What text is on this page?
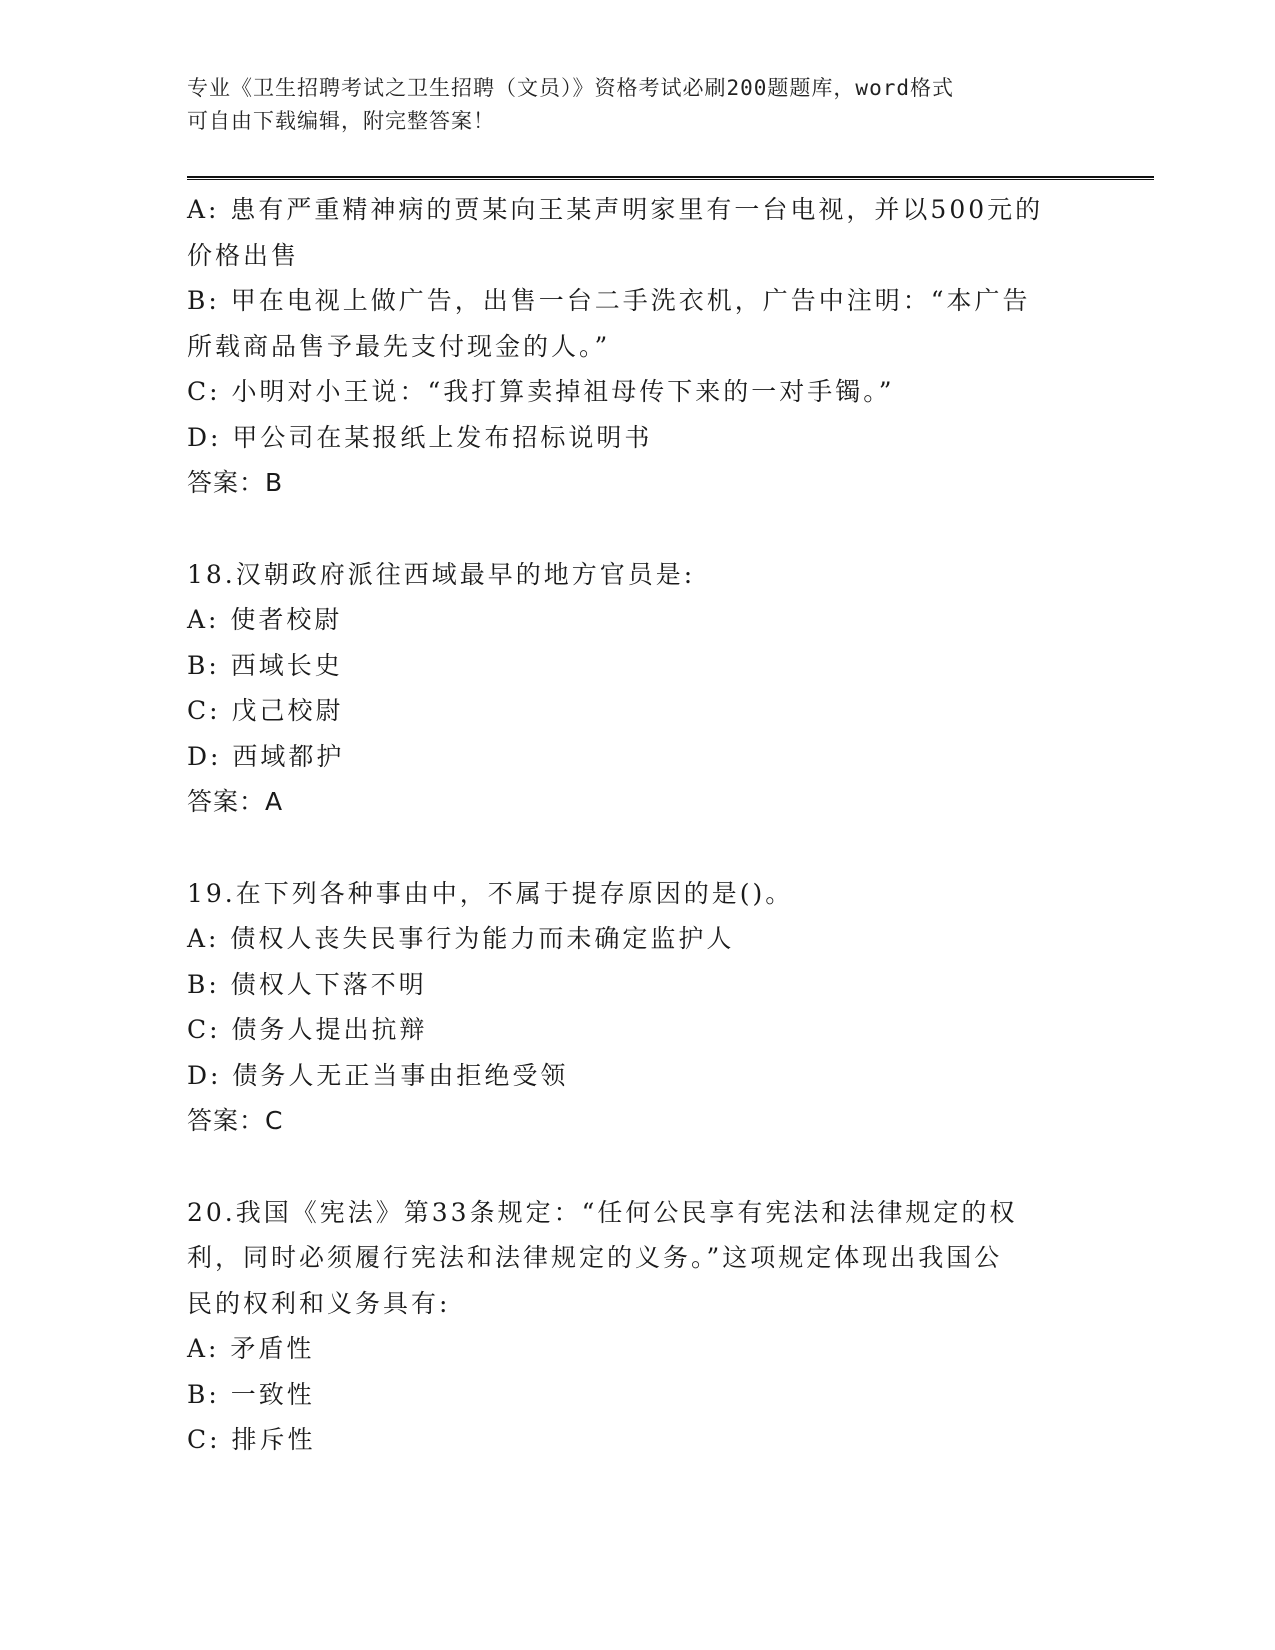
专业《卫生招聘考试之卫生招聘（文员）》资格考试必刷200题题库，word格式
可自由下载编辑，附完整答案！
A: 患有严重精神病的贾某向王某声明家里有一台电视，并以500元的
价格出售
B: 甲在电视上做广告，出售一台二手洗衣机，广告中注明：“本广告
所载商品售予最先支付现金的人。”
C: 小明对小王说：“我打算卖掉祖母传下来的一对手镯。”
D: 甲公司在某报纸上发布招标说明书
答案：B
18.汉朝政府派往西域最早的地方官员是:
A: 使者校尉
B: 西域长史
C: 戊己校尉
D: 西域都护
答案：A
19.在下列各种事由中，不属于提存原因的是()。
A: 债权人丧失民事行为能力而未确定监护人
B: 债权人下落不明
C: 债务人提出抗辩
D: 债务人无正当事由拒绝受领
答案：C
20.我国《宪法》第33条规定：“任何公民享有宪法和法律规定的权
利，同时必须履行宪法和法律规定的义务。”这项规定体现出我国公
民的权利和义务具有:
A: 矛盾性
B: 一致性
C: 排斥性
